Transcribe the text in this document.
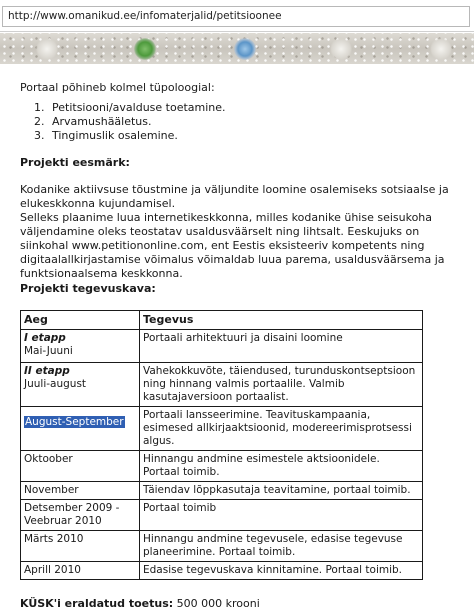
http://www.omanikud.ee/infomaterjalid/petitsioonee

Portaal põhineb kolmel tüpoloogial:

1. Petitsiooni/avalduse toetamine.
2. Arvamushääletus.
3. Tingimuslik osalemine.
Projekti eesmärk:

Kodanike aktiivsuse tõustmine ja väljundite loomine osalemiseks sotsiaalse ja elukeskkonna kujundamisel.

Selleks plaanime luua internetikeskkonna, milles kodanike ühise seisukoha väljendamine oleks teostatav usaldusväärselt ning lihtsalt. Eeskujuks on siinkohal www.petitiononline.com, ent Eestis eksisteeriv kompetents ning digitaalallkirjastamise võimalus võimaldab luua parema, usaldusväärsema ja funktsionaalsema keskkonna.

Projekti tegevuskava:
Aeg	Tegevus

I etapp
Mai-Juuni	Portaali arhitektuuri ja disaini loomine

II etapp
Juuli-august	Vahekokkuvõte, täiendused, turunduskontseptsioon ning hinnang valmis portaalile. Valmib kasutajaversioon portaalist.
August-September	Portaali lansseerimine. Teavituskampaania, esimesed allkirjaaktsioonid, modereerimisprotsessi algus.
Oktoober	Hinnangu andmine esimestele aktsioonidele. Portaal toimib.
November	Täiendav lõppkasutaja teavitamine, portaal toimib.
Detsember 2009 - Veebruar 2010	Portaal toimib
Märts 2010	Hinnangu andmine tegevusele, edasise tegevuse planeerimine. Portaal toimib.
Aprill 2010	Edasise tegevuskava kinnitamine. Portaal toimib.

KÜSK'i eraldatud toetus: 500 000 krooni
